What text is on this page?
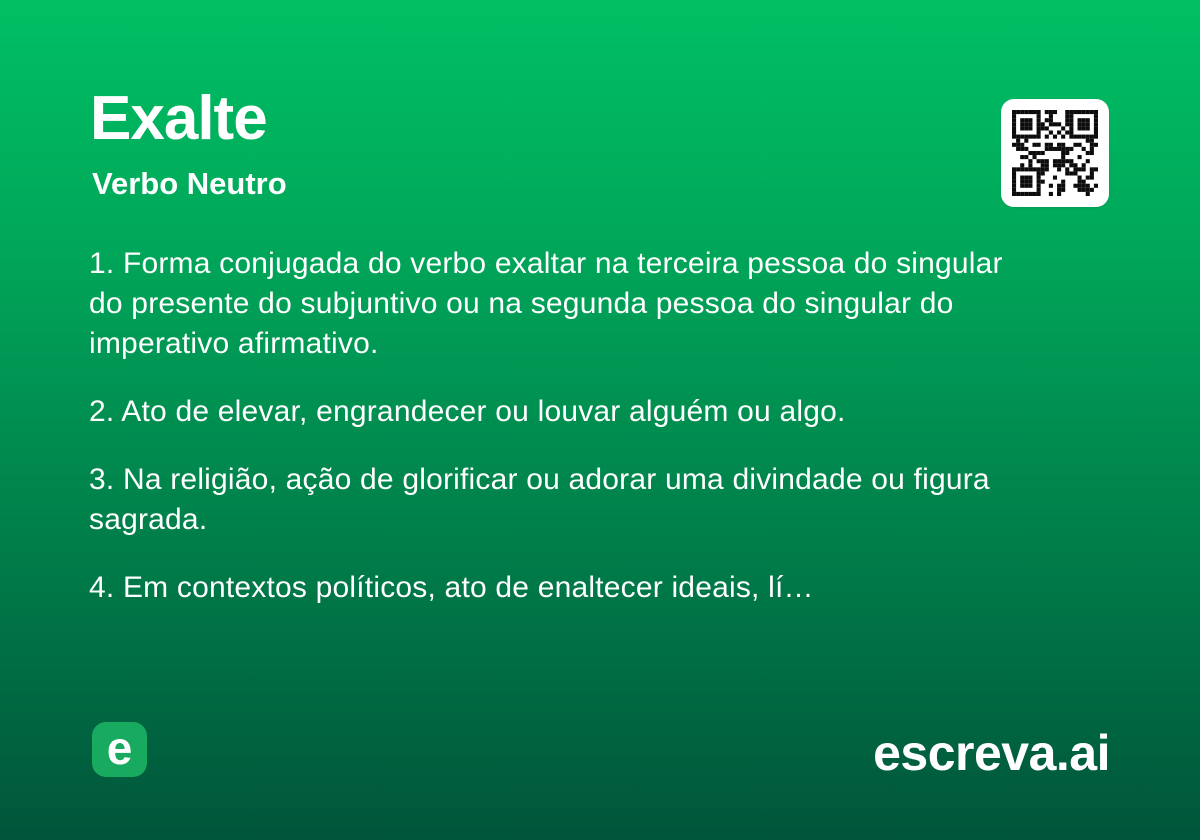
Exalte
Verbo Neutro

1. Forma conjugada do verbo exaltar na terceira pessoa do singular do presente do subjuntivo ou na segunda pessoa do singular do imperativo afirmativo.

2. Ato de elevar, engrandecer ou louvar alguém ou algo.

3. Na religião, ação de glorificar ou adorar uma divindade ou figura sagrada.

4. Em contextos políticos, ato de enaltecer ideais, lí…

e	escreva.ai
